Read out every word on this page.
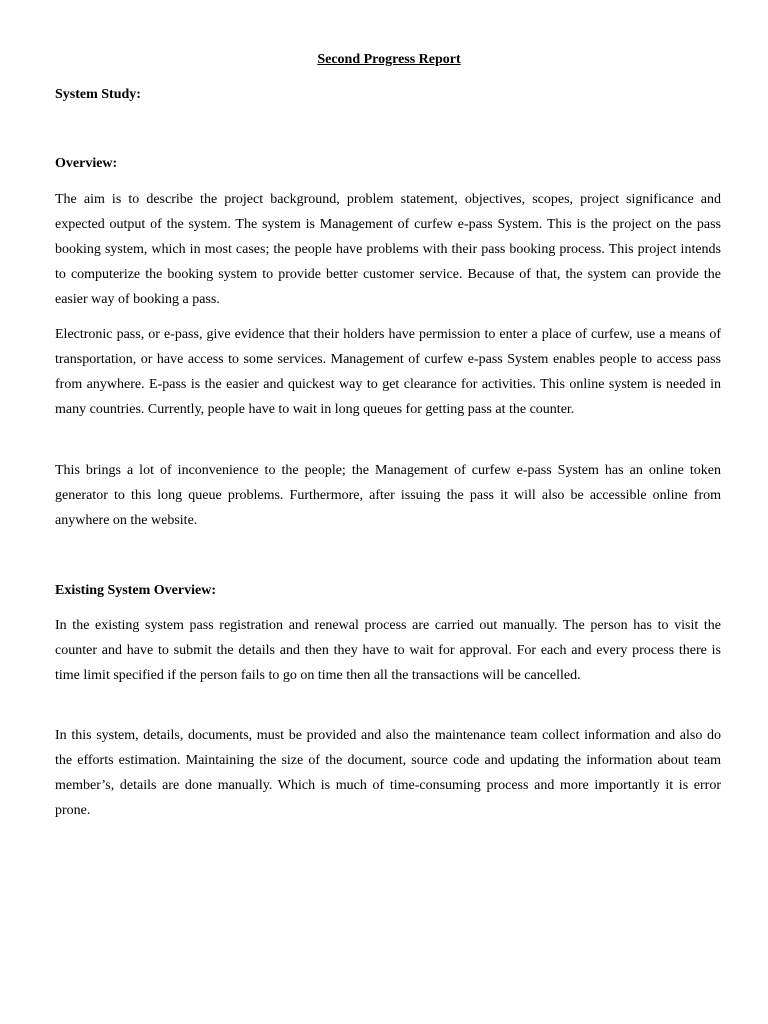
Second Progress Report

System Study:

Overview:

The aim is to describe the project background, problem statement, objectives, scopes, project significance and expected output of the system. The system is Management of curfew e-pass System. This is the project on the pass booking system, which in most cases; the people have problems with their pass booking process. This project intends to computerize the booking system to provide better customer service. Because of that, the system can provide the easier way of booking a pass.

Electronic pass, or e-pass, give evidence that their holders have permission to enter a place of curfew, use a means of transportation, or have access to some services. Management of curfew e-pass System enables people to access pass from anywhere. E-pass is the easier and quickest way to get clearance for activities. This online system is needed in many countries. Currently, people have to wait in long queues for getting pass at the counter.

This brings a lot of inconvenience to the people; the Management of curfew e-pass System has an online token generator to this long queue problems. Furthermore, after issuing the pass it will also be accessible online from anywhere on the website.

Existing System Overview:

In the existing system pass registration and renewal process are carried out manually. The person has to visit the counter and have to submit the details and then they have to wait for approval. For each and every process there is time limit specified if the person fails to go on time then all the transactions will be cancelled.

In this system, details, documents, must be provided and also the maintenance team collect information and also do the efforts estimation. Maintaining the size of the document, source code and updating the information about team member’s, details are done manually. Which is much of time-consuming process and more importantly it is error prone.
